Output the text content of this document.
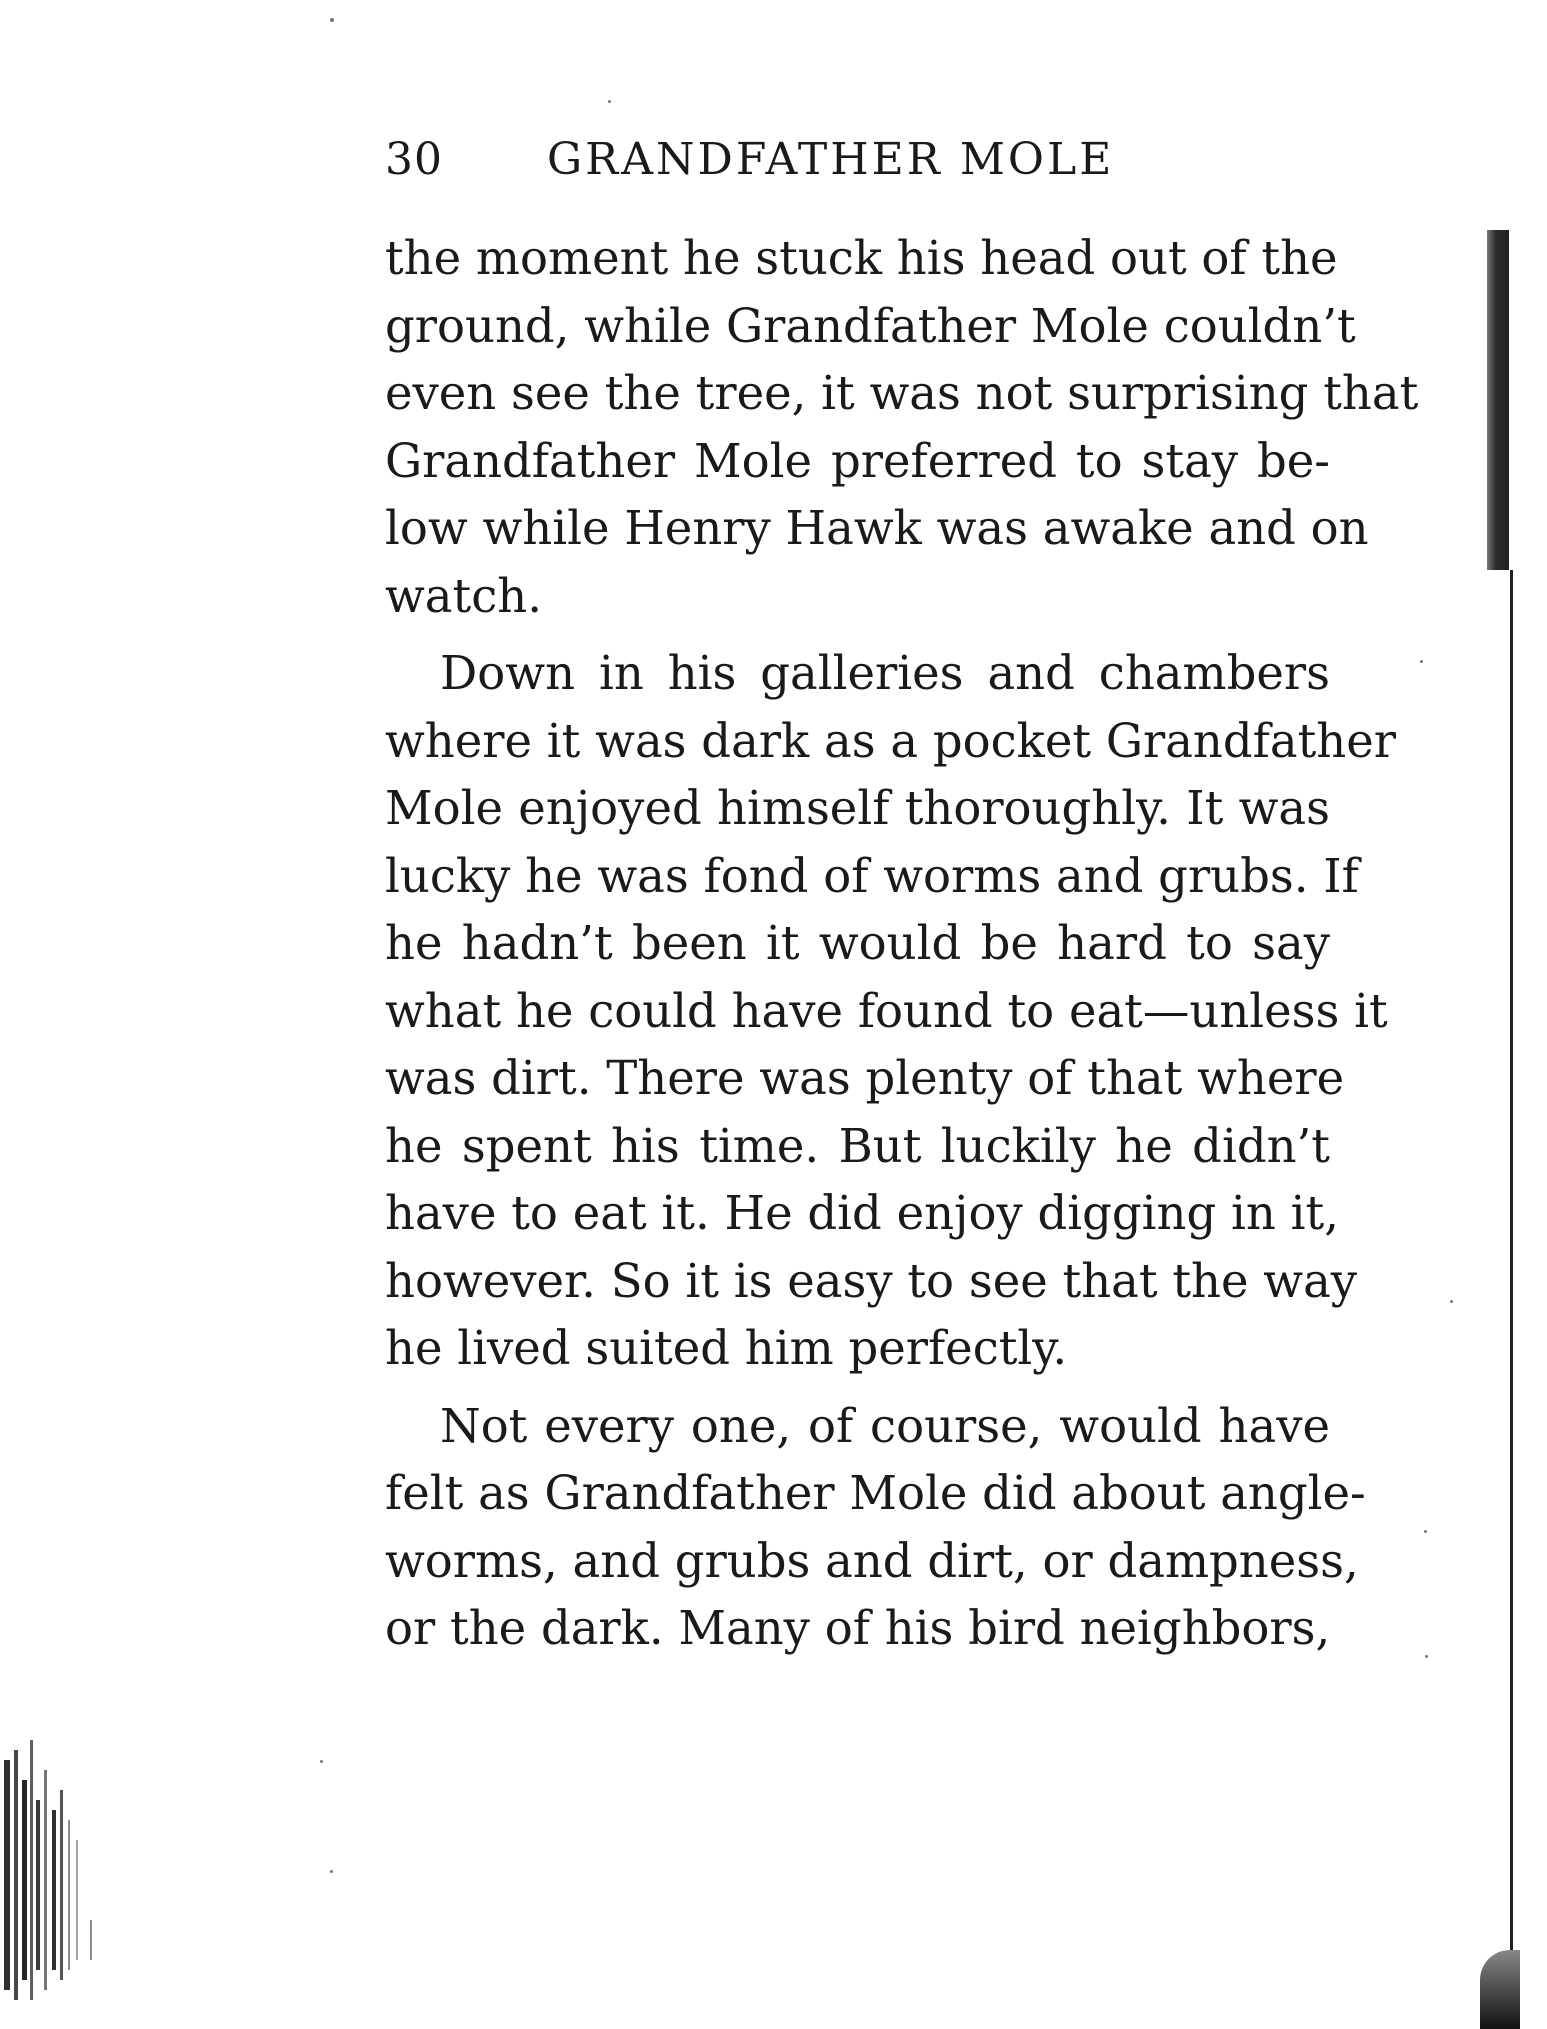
30 GRANDFATHER MOLE
the moment he stuck his head out of the
ground, while Grandfather Mole couldn’t
even see the tree, it was not surprising that
Grandfather Mole preferred to stay be-
low while Henry Hawk was awake and on
watch.
Down in his galleries and chambers
where it was dark as a pocket Grandfather
Mole enjoyed himself thoroughly. It was
lucky he was fond of worms and grubs. If
he hadn’t been it would be hard to say
what he could have found to eat—unless it
was dirt. There was plenty of that where
he spent his time. But luckily he didn’t
have to eat it. He did enjoy digging in it,
however. So it is easy to see that the way
he lived suited him perfectly.
Not every one, of course, would have
felt as Grandfather Mole did about angle-
worms, and grubs and dirt, or dampness,
or the dark. Many of his bird neighbors,
